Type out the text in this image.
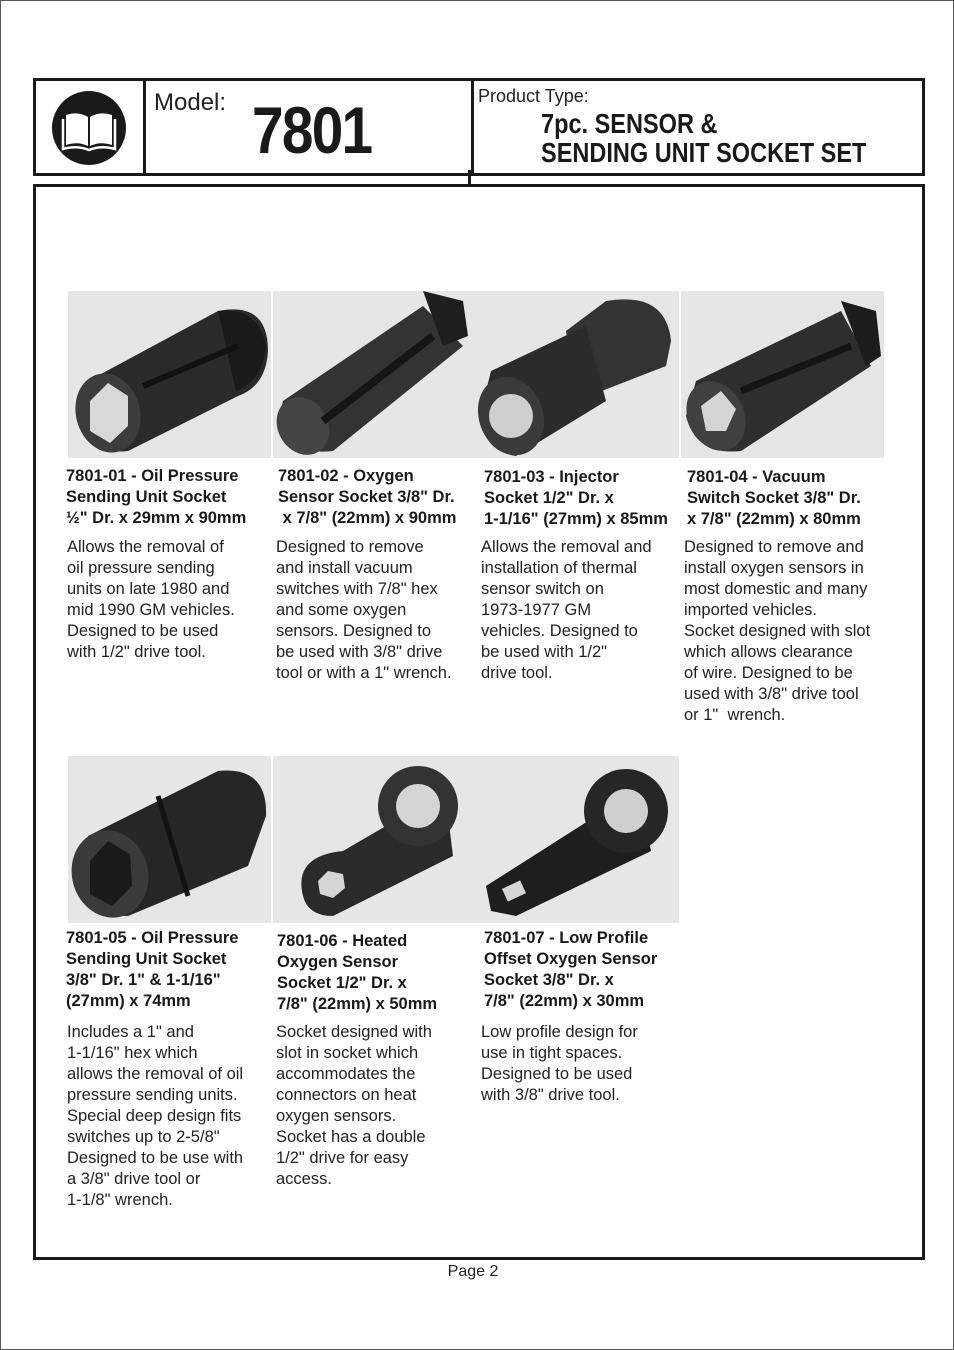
Model: 7801	Product Type:
7pc. SENSOR &
SENDING UNIT SOCKET SET
7801-01 - Oil Pressure
Sending Unit Socket
½" Dr. x 29mm x 90mm
Allows the removal of
oil pressure sending
units on late 1980 and
mid 1990 GM vehicles.
Designed to be used
with 1/2" drive tool.
7801-02 - Oxygen
Sensor Socket 3/8" Dr.
x 7/8" (22mm) x 90mm
Designed to remove
and install vacuum
switches with 7/8" hex
and some oxygen
sensors. Designed to
be used with 3/8" drive
tool or with a 1" wrench.
7801-03 - Injector
Socket 1/2" Dr. x
1-1/16" (27mm) x 85mm
Allows the removal and
installation of thermal
sensor switch on
1973-1977 GM
vehicles. Designed to
be used with 1/2"
drive tool.
7801-04 - Vacuum
Switch Socket 3/8" Dr.
x 7/8" (22mm) x 80mm
Designed to remove and
install oxygen sensors in
most domestic and many
imported vehicles.
Socket designed with slot
which allows clearance
of wire. Designed to be
used with 3/8" drive tool
or 1"  wrench.
7801-05 - Oil Pressure
Sending Unit Socket
3/8" Dr. 1" & 1-1/16"
(27mm) x 74mm
Includes a 1" and
1-1/16" hex which
allows the removal of oil
pressure sending units.
Special deep design fits
switches up to 2-5/8"
Designed to be use with
a 3/8" drive tool or
1-1/8" wrench.
7801-06 - Heated
Oxygen Sensor
Socket 1/2" Dr. x
7/8" (22mm) x 50mm
Socket designed with
slot in socket which
accommodates the
connectors on heat
oxygen sensors.
Socket has a double
1/2" drive for easy
access.
7801-07 - Low Profile
Offset Oxygen Sensor
Socket 3/8" Dr. x
7/8" (22mm) x 30mm
Low profile design for
use in tight spaces.
Designed to be used
with 3/8" drive tool.
Page 2
